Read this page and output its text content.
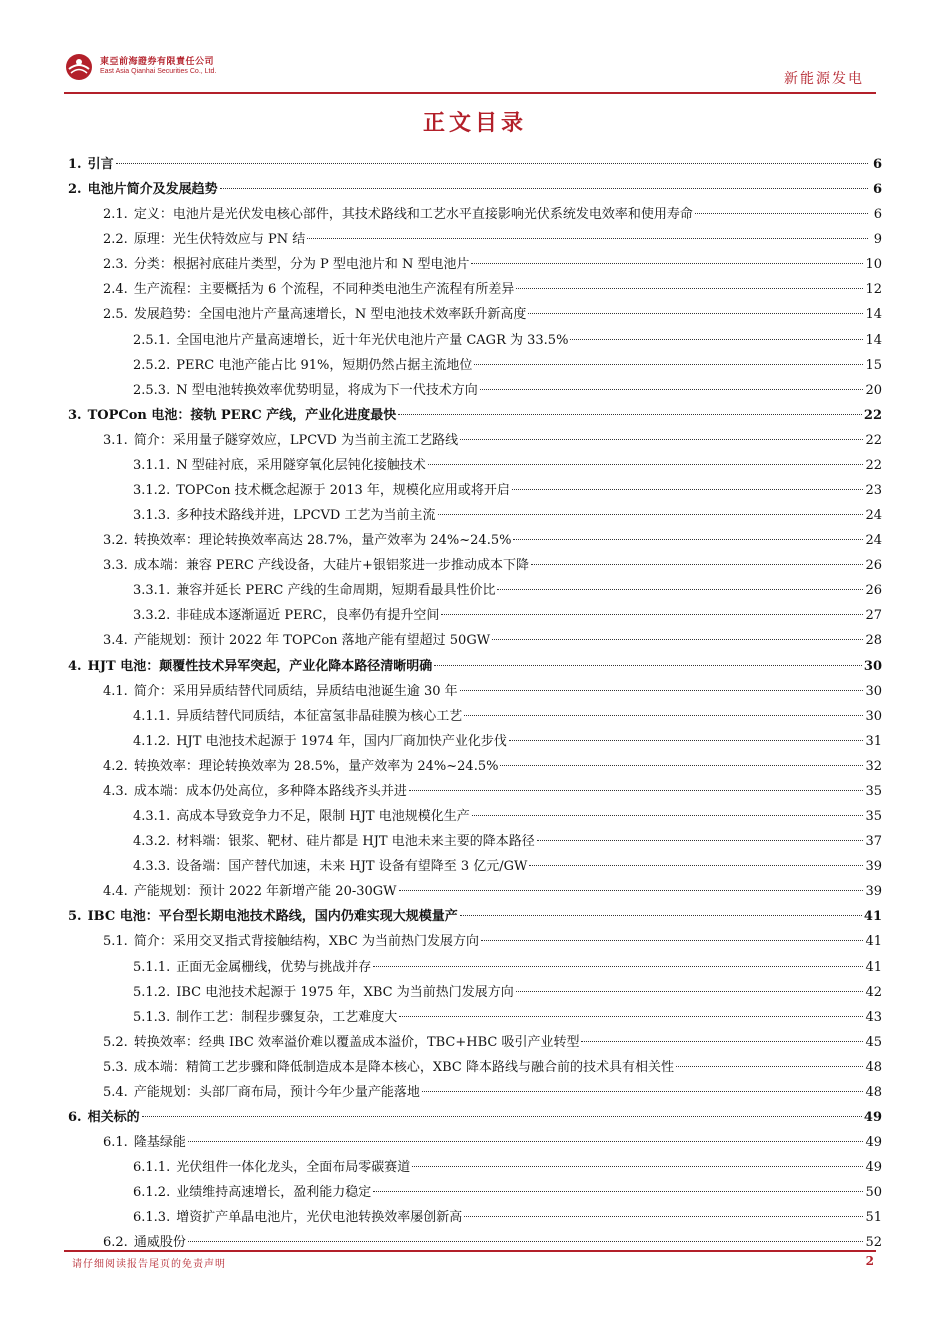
東亞前海證券有限責任公司
East Asia Qianhai Securities Co., Ltd.	新能源发电
正文目录
1. 引言	6
2. 电池片简介及发展趋势	6
2.1. 定义：电池片是光伏发电核心部件，其技术路线和工艺水平直接影响光伏系统发电效率和使用寿命	6
2.2. 原理：光生伏特效应与 PN 结	9
2.3. 分类：根据衬底硅片类型，分为 P 型电池片和 N 型电池片	10
2.4. 生产流程：主要概括为 6 个流程，不同种类电池生产流程有所差异	12
2.5. 发展趋势：全国电池片产量高速增长，N 型电池技术效率跃升新高度	14
2.5.1. 全国电池片产量高速增长，近十年光伏电池片产量 CAGR 为 33.5%	14
2.5.2. PERC 电池产能占比 91%，短期仍然占据主流地位	15
2.5.3. N 型电池转换效率优势明显，将成为下一代技术方向	20
3. TOPCon 电池：接轨 PERC 产线，产业化进度最快	22
3.1. 简介：采用量子隧穿效应，LPCVD 为当前主流工艺路线	22
3.1.1. N 型硅衬底，采用隧穿氧化层钝化接触技术	22
3.1.2. TOPCon 技术概念起源于 2013 年，规模化应用或将开启	23
3.1.3. 多种技术路线并进，LPCVD 工艺为当前主流	24
3.2. 转换效率：理论转换效率高达 28.7%，量产效率为 24%~24.5%	24
3.3. 成本端：兼容 PERC 产线设备，大硅片+银铝浆进一步推动成本下降	26
3.3.1. 兼容并延长 PERC 产线的生命周期，短期看最具性价比	26
3.3.2. 非硅成本逐渐逼近 PERC，良率仍有提升空间	27
3.4. 产能规划：预计 2022 年 TOPCon 落地产能有望超过 50GW	28
4. HJT 电池：颠覆性技术异军突起，产业化降本路径清晰明确	30
4.1. 简介：采用异质结替代同质结，异质结电池诞生逾 30 年	30
4.1.1. 异质结替代同质结，本征富氢非晶硅膜为核心工艺	30
4.1.2. HJT 电池技术起源于 1974 年，国内厂商加快产业化步伐	31
4.2. 转换效率：理论转换效率为 28.5%，量产效率为 24%~24.5%	32
4.3. 成本端：成本仍处高位，多种降本路线齐头并进	35
4.3.1. 高成本导致竞争力不足，限制 HJT 电池规模化生产	35
4.3.2. 材料端：银浆、靶材、硅片都是 HJT 电池未来主要的降本路径	37
4.3.3. 设备端：国产替代加速，未来 HJT 设备有望降至 3 亿元/GW	39
4.4. 产能规划：预计 2022 年新增产能 20-30GW	39
5. IBC 电池：平台型长期电池技术路线，国内仍难实现大规模量产	41
5.1. 简介：采用交叉指式背接触结构，XBC 为当前热门发展方向	41
5.1.1. 正面无金属栅线，优势与挑战并存	41
5.1.2. IBC 电池技术起源于 1975 年，XBC 为当前热门发展方向	42
5.1.3. 制作工艺：制程步骤复杂，工艺难度大	43
5.2. 转换效率：经典 IBC 效率溢价难以覆盖成本溢价，TBC+HBC 吸引产业转型	45
5.3. 成本端：精简工艺步骤和降低制造成本是降本核心，XBC 降本路线与融合前的技术具有相关性	48
5.4. 产能规划：头部厂商布局，预计今年少量产能落地	48
6. 相关标的	49
6.1. 隆基绿能	49
6.1.1. 光伏组件一体化龙头，全面布局零碳赛道	49
6.1.2. 业绩维持高速增长，盈利能力稳定	50
6.1.3. 增资扩产单晶电池片，光伏电池转换效率屡创新高	51
6.2. 通威股份	52
请仔细阅读报告尾页的免责声明	2
